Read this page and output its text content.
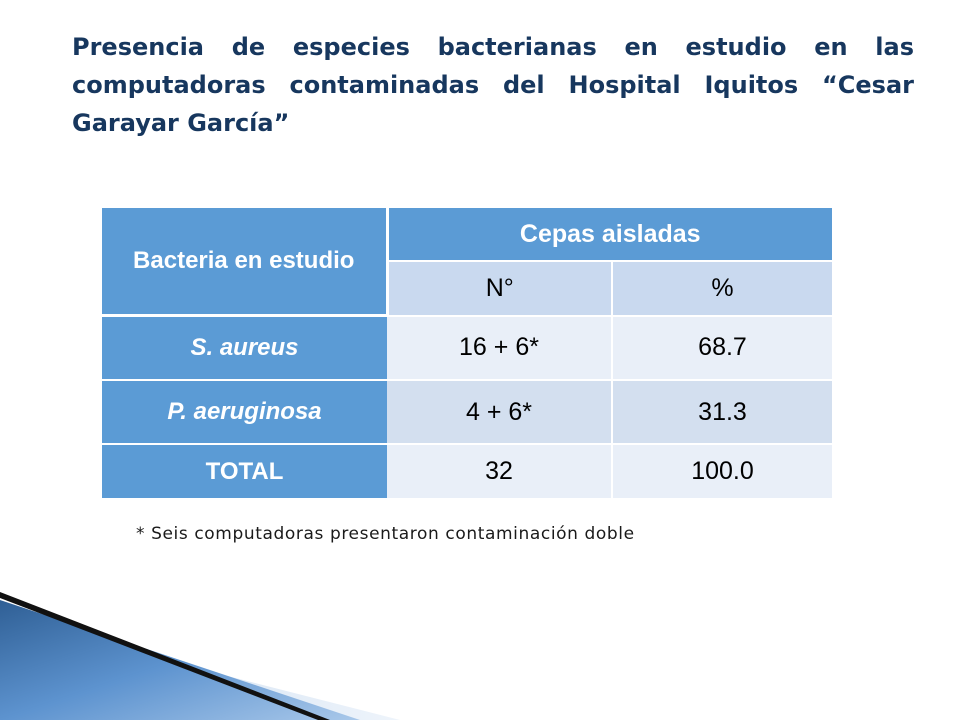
Presencia de especies bacterianas en estudio en las computadoras contaminadas del Hospital Iquitos “Cesar Garayar García”
Bacteria en estudio	Cepas aisladas	
	N°	%
S. aureus	16 + 6*	68.7
P. aeruginosa	4 + 6*	31.3
TOTAL	32	100.0
* Seis computadoras presentaron contaminación doble
